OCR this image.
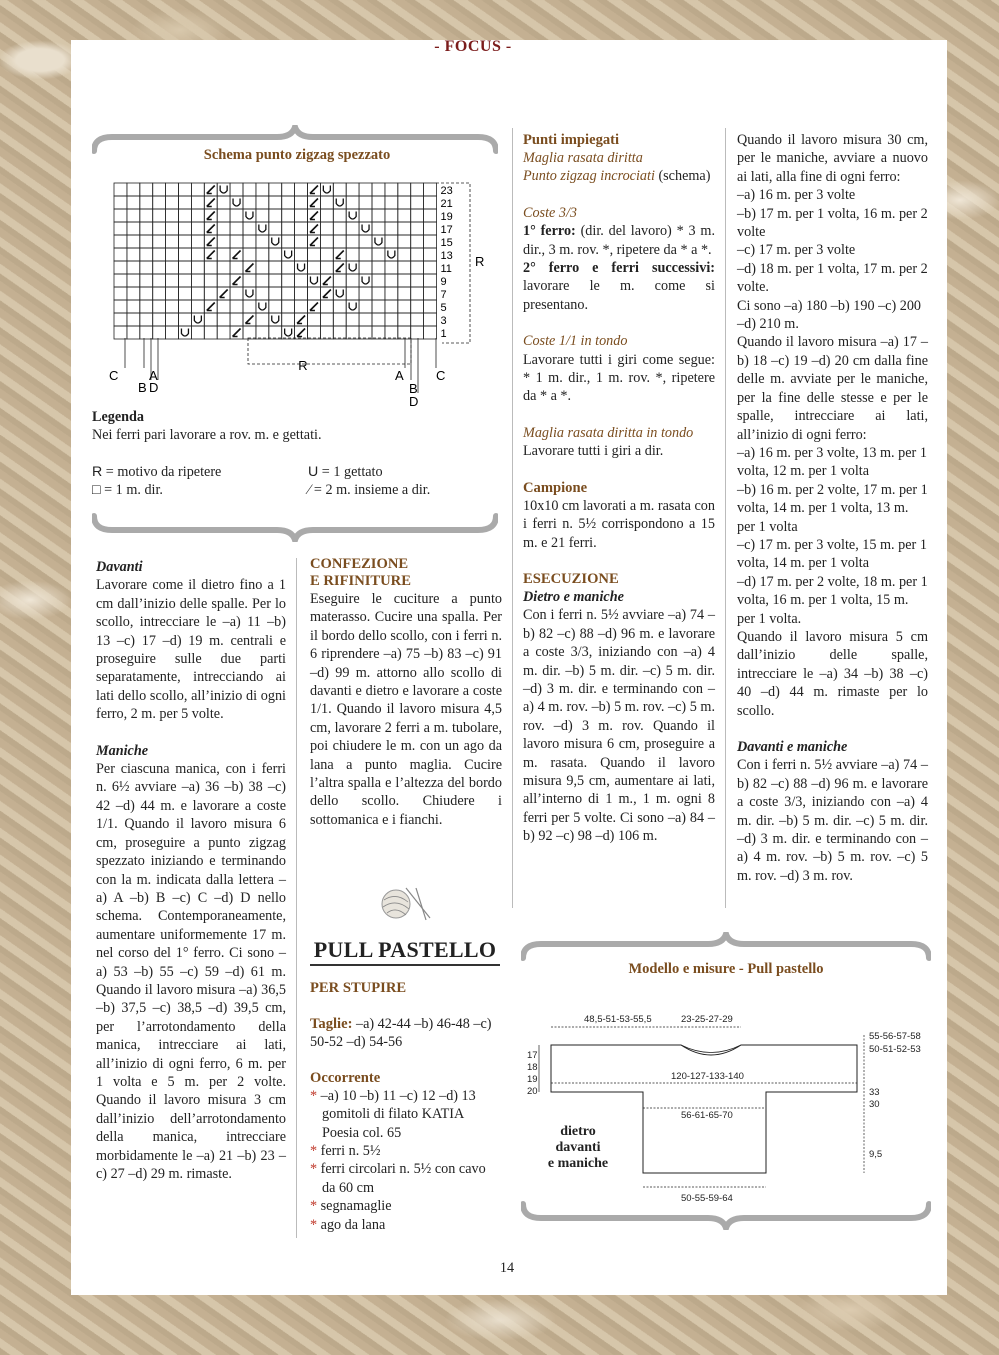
- FOCUS -
Schema punto zigzag spezzato
23
21
19
17
15
13
11
9
7
5
3
1
R
R
C A
B D
A C
B
D
Legenda
Nei ferri pari lavorare a rov. m. e gettati.
R = motivo da ripetere	U = 1 gettato
□ = 1 m. dir.	⁄ = 2 m. insieme a dir.

Davanti

Lavorare come il dietro fino a 1 cm dall’inizio delle spalle. Per lo scollo, intrecciare le –a) 11 –b) 13 –c) 17 –d) 19 m. centrali e proseguire sulle due parti separatamente, intrecciando ai lati dello scollo, all’inizio di ogni ferro, 2 m. per 5 volte.

Maniche

Per ciascuna manica, con i ferri n. 6½ avviare –a) 36 –b) 38 –c) 42 –d) 44 m. e lavorare a coste 1/1. Quando il lavoro misura 6 cm, proseguire a punto zigzag spezzato iniziando e terminando con la m. indicata dalla lettera –a) A –b) B –c) C –d) D nello schema. Contemporaneamente, aumentare uniformemente 17 m. nel corso del 1° ferro. Ci sono –a) 53 –b) 55 –c) 59 –d) 61 m. Quando il lavoro misura –a) 36,5 –b) 37,5 –c) 38,5 –d) 39,5 cm, per l’arrotondamento della manica, intrecciare ai lati, all’inizio di ogni ferro, 6 m. per 1 volta e 5 m. per 2 volte. Quando il lavoro misura 3 cm dall’inizio dell’arrotondamento della manica, intrecciare morbidamente le –a) 21 –b) 23 –c) 27 –d) 29 m. rimaste.

CONFEZIONE
E RIFINITURE

Eseguire le cuciture a punto materasso. Cucire una spalla. Per il bordo dello scollo, con i ferri n. 6 riprendere –a) 75 –b) 83 –c) 91 –d) 99 m. attorno allo scollo di davanti e dietro e lavorare a coste 1/1. Quando il lavoro misura 4,5 cm, lavorare 2 ferri a m. tubolare, poi chiudere le m. con un ago da lana a punto maglia. Cucire l’altra spalla e l’altezza del bordo dello scollo. Chiudere i sottomanica e i fianchi.

PULL PASTELLO
PER STUPIRE

Taglie: –a) 42-44 –b) 46-48 –c) 50-52 –d) 54-56

Occorrente
* –a) 10 –b) 11 –c) 12 –d) 13 gomitoli di filato KATIA Poesia col. 65
* ferri n. 5½
* ferri circolari n. 5½ con cavo da 60 cm
* segnamaglie
* ago da lana
Punti impiegati

Maglia rasata diritta

Punto zigzag incrociati (schema)

Coste 3/3

1° ferro: (dir. del lavoro) * 3 m. dir., 3 m. rov. *, ripetere da * a *.

2° ferro e ferri successivi: lavorare le m. come si presentano.

Coste 1/1 in tondo

Lavorare tutti i giri come segue: * 1 m. dir., 1 m. rov. *, ripetere da * a *.

Maglia rasata diritta in tondo

Lavorare tutti i giri a dir.

Campione

10x10 cm lavorati a m. rasata con i ferri n. 5½ corrispondono a 15 m. e 21 ferri.

ESECUZIONE

Dietro e maniche

Con i ferri n. 5½ avviare –a) 74 –b) 82 –c) 88 –d) 96 m. e lavorare a coste 3/3, iniziando con –a) 4 m. dir. –b) 5 m. dir. –c) 5 m. dir. –d) 3 m. dir. e terminando con –a) 4 m. rov. –b) 5 m. rov. –c) 5 m. rov. –d) 3 m. rov. Quando il lavoro misura 6 cm, proseguire a m. rasata. Quando il lavoro misura 9,5 cm, aumentare ai lati, all’interno di 1 m., 1 m. ogni 8 ferri per 5 volte. Ci sono –a) 84 –b) 92 –c) 98 –d) 106 m.

Quando il lavoro misura 30 cm, per le maniche, avviare a nuovo ai lati, alla fine di ogni ferro:

–a) 16 m. per 3 volte

–b) 17 m. per 1 volta, 16 m. per 2 volte

–c) 17 m. per 3 volte

–d) 18 m. per 1 volta, 17 m. per 2 volte.

Ci sono –a) 180 –b) 190 –c) 200 –d) 210 m.

Quando il lavoro misura –a) 17 –b) 18 –c) 19 –d) 20 cm dalla fine delle m. avviate per le maniche, per la fine delle stesse e per le spalle, intrecciare ai lati, all’inizio di ogni ferro:

–a) 16 m. per 3 volte, 13 m. per 1 volta, 12 m. per 1 volta

–b) 16 m. per 2 volte, 17 m. per 1 volta, 14 m. per 1 volta, 13 m. per 1 volta

–c) 17 m. per 3 volte, 15 m. per 1 volta, 14 m. per 1 volta

–d) 17 m. per 2 volte, 18 m. per 1 volta, 16 m. per 1 volta, 15 m. per 1 volta.

Quando il lavoro misura 5 cm dall’inizio delle spalle, intrecciare le –a) 34 –b) 38 –c) 40 –d) 44 m. rimaste per lo scollo.

Davanti e maniche

Con i ferri n. 5½ avviare –a) 74 –b) 82 –c) 88 –d) 96 m. e lavorare a coste 3/3, iniziando con –a) 4 m. dir. –b) 5 m. dir. –c) 5 m. dir. –d) 3 m. dir. e terminando con –a) 4 m. rov. –b) 5 m. rov. –c) 5 m. rov. –d) 3 m. rov.

Modello e misure - Pull pastello
48,5-51-53-55,5	23-25-27-29
55-56-57-58
50-51-52-53
33
30
9,5
17
18
19
20
120-127-133-140
56-61-65-70
50-55-59-64
dietro
davanti
e maniche
14
